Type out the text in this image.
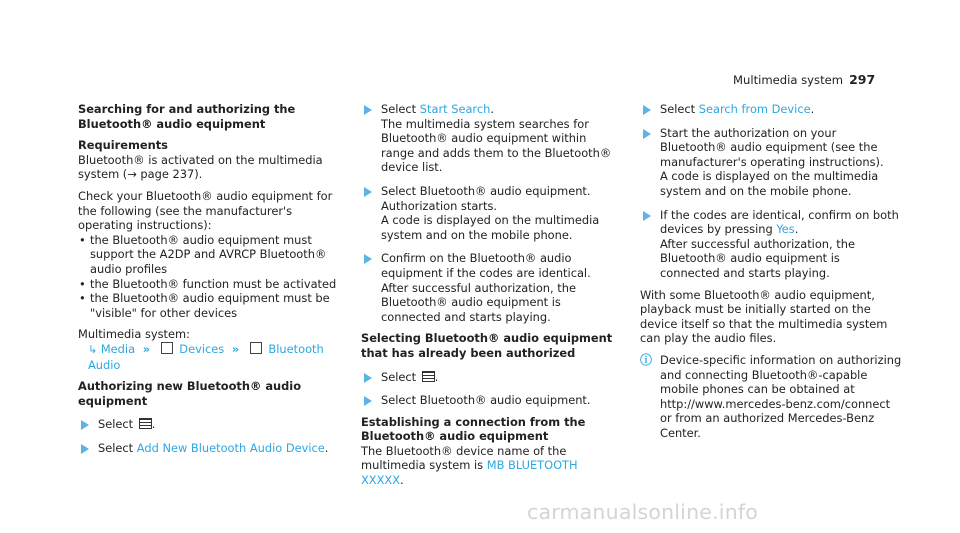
Multimedia system 297

Searching for and authorizing the Bluetooth® audio equipment

Requirements

Bluetooth® is activated on the multimedia system (→ page 237).

Check your Bluetooth® audio equipment for the following (see the manufacturer's operating instructions):

• the Bluetooth® audio equipment must support the A2DP and AVRCP Bluetooth® audio profiles

• the Bluetooth® function must be activated

• the Bluetooth® audio equipment must be "visible" for other devices

Multimedia system:

↳ Media »	Devices »	Bluetooth Audio

Authorizing new Bluetooth® audio equipment

Select .
Select Add New Bluetooth Audio Device.
Select Start Search.

The multimedia system searches for Bluetooth® audio equipment within range and adds them to the Bluetooth® device list.

Select Bluetooth® audio equipment.

Authorization starts.

A code is displayed on the multimedia system and on the mobile phone.

Confirm on the Bluetooth® audio equipment if the codes are identical.

After successful authorization, the Bluetooth® audio equipment is connected and starts playing.

Selecting Bluetooth® audio equipment that has already been authorized

Select .
Select Bluetooth® audio equipment.

Establishing a connection from the Bluetooth® audio equipment

The Bluetooth® device name of the multimedia system is MB BLUETOOTH XXXXX.

Select Search from Device.

Start the authorization on your Bluetooth® audio equipment (see the manufacturer's operating instructions).

A code is displayed on the multimedia system and on the mobile phone.

If the codes are identical, confirm on both devices by pressing Yes.

After successful authorization, the Bluetooth® audio equipment is connected and starts playing.

With some Bluetooth® audio equipment, playback must be initially started on the device itself so that the multimedia system can play the audio files.

ⓘ Device-specific information on authorizing and connecting Bluetooth®-capable mobile phones can be obtained at http://www.mercedes-benz.com/connect or from an authorized Mercedes-Benz Center.

carmanualsonline.info
